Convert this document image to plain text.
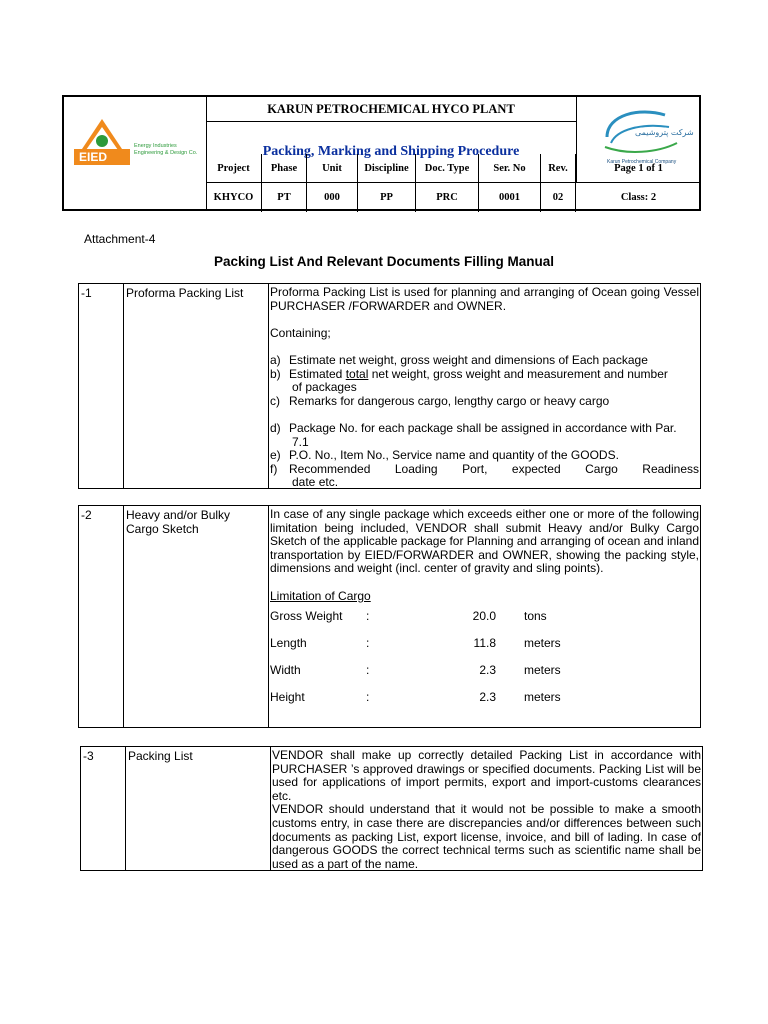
EIED
Energy Industries
Engineering & Design Co.
KARUN PETROCHEMICAL HYCO PLANT
Packing, Marking and Shipping Procedure
شرکت پتروشیمی
Karun Petrochemical Company
Project	Phase	Unit	Discipline	Doc. Type	Ser. No	Rev.	Page 1 of 1
KHYCO	PT	000	PP	PRC	0001	02	Class: 2
Attachment-4
Packing List And Relevant Documents Filling Manual
-1	Proforma Packing List	Proforma Packing List is used for planning and arranging of Ocean going Vessel PURCHASER /FORWARDER and OWNER.
Containing;
a) Estimate net weight, gross weight and dimensions of Each package
b) Estimated total net weight, gross weight and measurement and number
of packages
c) Remarks for dangerous cargo, lengthy cargo or heavy cargo
d) Package No. for each package shall be assigned in accordance with Par.
7.1
e) P.O. No., Item No., Service name and quantity of the GOODS.
f) Recommended Loading Port, expected Cargo Readiness
date etc.
-2	Heavy and/or Bulky Cargo Sketch
In case of any single package which exceeds either one or more of the following limitation being included, VENDOR shall submit Heavy and/or Bulky Cargo Sketch of the applicable package for Planning and arranging of ocean and inland transportation by EIED/FORWARDER and OWNER, showing the packing style, dimensions and weight (incl. center of gravity and sling points).
Limitation of Cargo
Gross Weight	:	20.0	tons
Length	:	11.8	meters
Width	:	2.3	meters
Height	:	2.3	meters
-3	Packing List	VENDOR shall make up correctly detailed Packing List in accordance with PURCHASER ’s approved drawings or specified documents. Packing List will be used for applications of import permits, export and import-customs clearances etc.
VENDOR should understand that it would not be possible to make a smooth customs entry, in case there are discrepancies and/or differences between such documents as packing List, export license, invoice, and bill of lading. In case of dangerous GOODS the correct technical terms such as scientific name shall be used as a part of the name.
